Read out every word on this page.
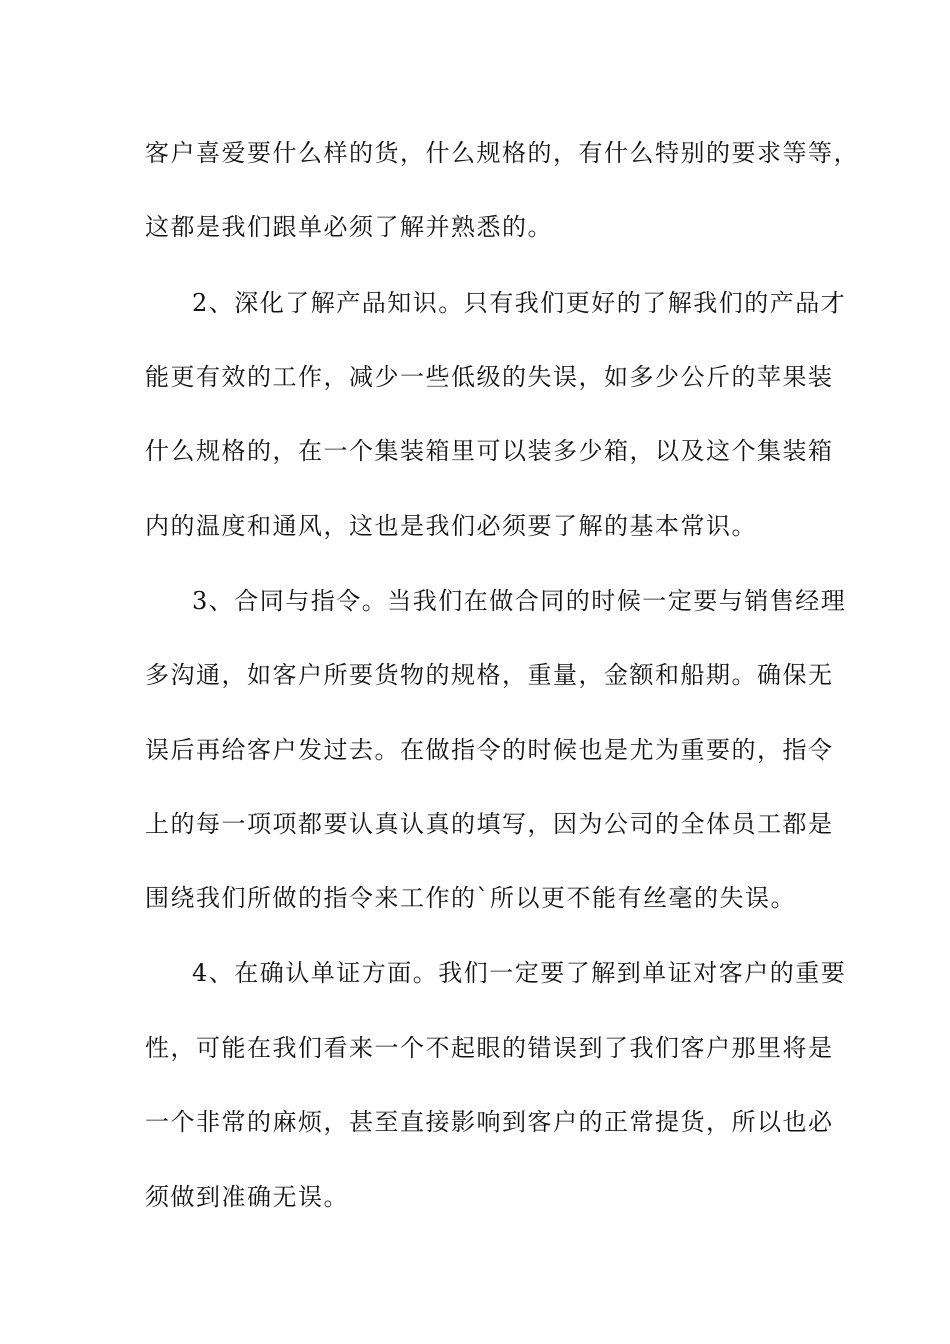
客户喜爱要什么样的货，什么规格的，有什么特别的要求等等，
这都是我们跟单必须了解并熟悉的。
2、深化了解产品知识。只有我们更好的了解我们的产品才
能更有效的工作，减少一些低级的失误，如多少公斤的苹果装
什么规格的，在一个集装箱里可以装多少箱，以及这个集装箱
内的温度和通风，这也是我们必须要了解的基本常识。
3、合同与指令。当我们在做合同的时候一定要与销售经理
多沟通，如客户所要货物的规格，重量，金额和船期。确保无
误后再给客户发过去。在做指令的时候也是尤为重要的，指令
上的每一项项都要认真认真的填写，因为公司的全体员工都是
围绕我们所做的指令来工作的`所以更不能有丝毫的失误。
4、在确认单证方面。我们一定要了解到单证对客户的重要
性，可能在我们看来一个不起眼的错误到了我们客户那里将是
一个非常的麻烦，甚至直接影响到客户的正常提货，所以也必
须做到准确无误。
